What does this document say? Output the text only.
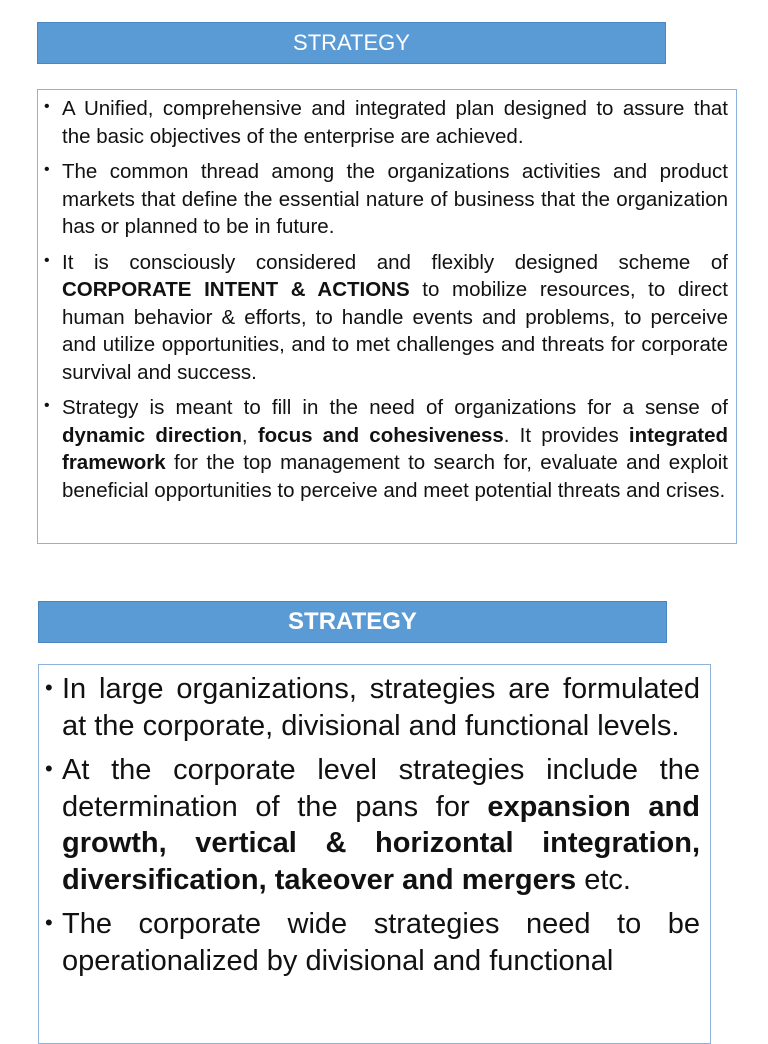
STRATEGY
• A Unified, comprehensive and integrated plan designed to assure that the basic objectives of the enterprise are achieved.
• The common thread among the organizations activities and product markets that define the essential nature of business that the organization has or planned to be in future.
• It is consciously considered and flexibly designed scheme of CORPORATE INTENT & ACTIONS to mobilize resources, to direct human behavior & efforts, to handle events and problems, to perceive and utilize opportunities, and to met challenges and threats for corporate survival and success.
• Strategy is meant to fill in the need of organizations for a sense of dynamic direction, focus and cohesiveness. It provides integrated framework for the top management to search for, evaluate and exploit beneficial opportunities to perceive and meet potential threats and crises.
STRATEGY
• In large organizations, strategies are formulated at the corporate, divisional and functional levels.
• At the corporate level strategies include the determination of the pans for expansion and growth, vertical & horizontal integration, diversification, takeover and mergers etc.
• The corporate wide strategies need to be operationalized by divisional and functional
